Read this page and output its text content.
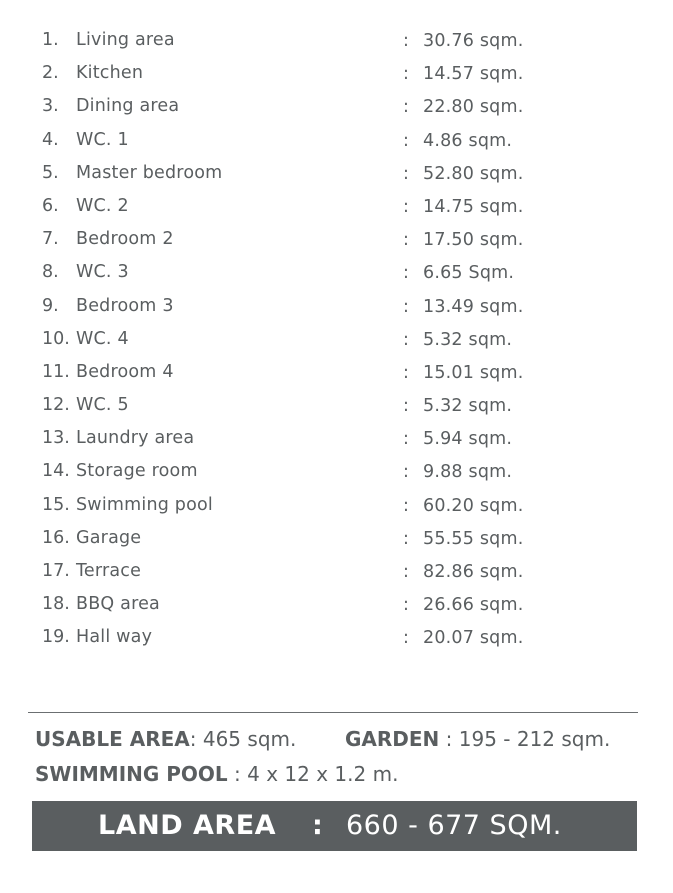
1. Living area	: 30.76 sqm.
2. Kitchen	: 14.57 sqm.
3. Dining area	: 22.80 sqm.
4. WC. 1	: 4.86 sqm.
5. Master bedroom	: 52.80 sqm.
6. WC. 2	: 14.75 sqm.
7. Bedroom 2	: 17.50 sqm.
8. WC. 3	: 6.65 Sqm.
9. Bedroom 3	: 13.49 sqm.
10. WC. 4	: 5.32 sqm.
11. Bedroom 4	: 15.01 sqm.
12. WC. 5	: 5.32 sqm.
13. Laundry area	: 5.94 sqm.
14. Storage room	: 9.88 sqm.
15. Swimming pool	: 60.20 sqm.
16. Garage	: 55.55 sqm.
17. Terrace	: 82.86 sqm.
18. BBQ area	: 26.66 sqm.
19. Hall way	: 20.07 sqm.
USABLE AREA: 465 sqm. GARDEN : 195 - 212 sqm.
SWIMMING POOL : 4 x 12 x 1.2 m.
LAND AREA : 660 - 677 SQM.
